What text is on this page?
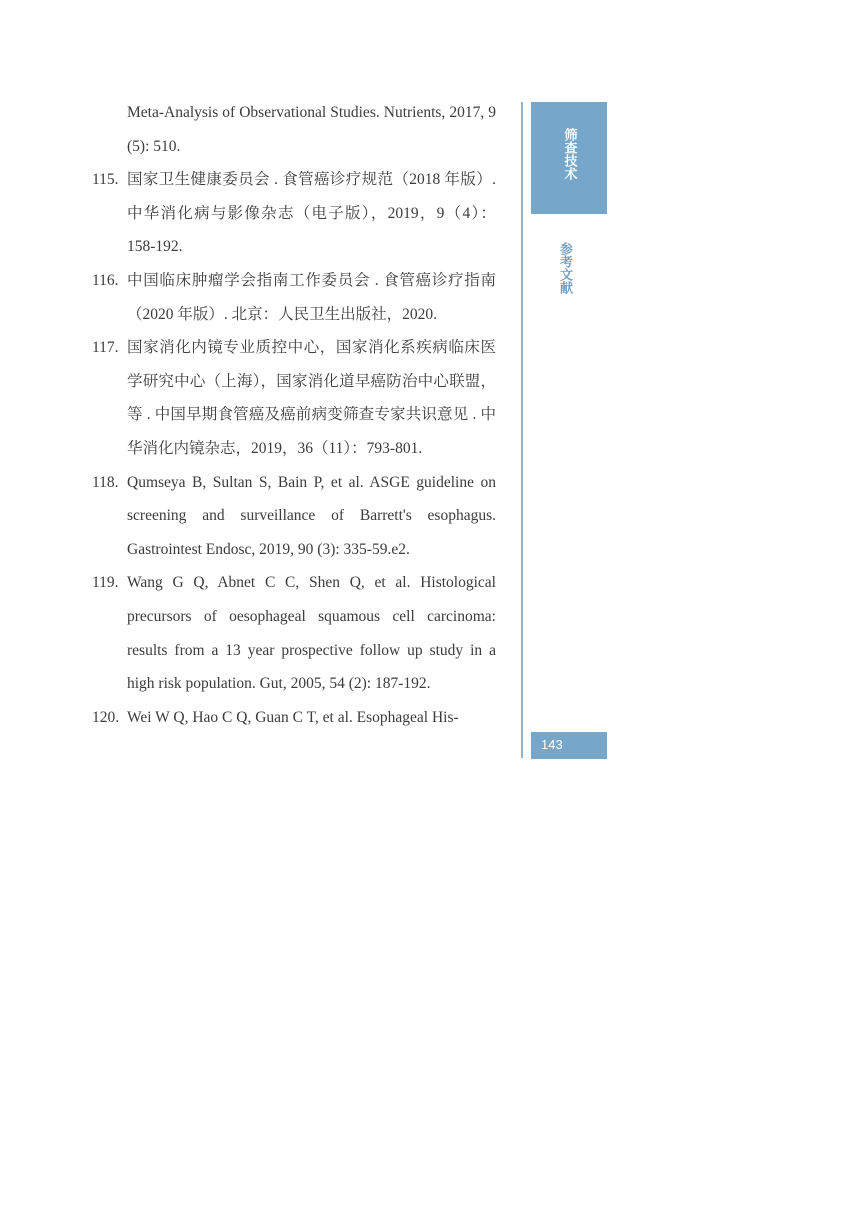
Meta-Analysis of Observational Studies. Nutrients, 2017, 9 (5): 510.
115. 国家卫生健康委员会 . 食管癌诊疗规范（2018 年版）. 中华消化病与影像杂志（电子版），2019，9（4）：158-192.
116. 中国临床肿瘤学会指南工作委员会 . 食管癌诊疗指南（2020 年版）. 北京：人民卫生出版社，2020.
117. 国家消化内镜专业质控中心，国家消化系疾病临床医学研究中心（上海），国家消化道早癌防治中心联盟，等 . 中国早期食管癌及癌前病变筛查专家共识意见 . 中华消化内镜杂志，2019，36（11）：793-801.
118. Qumseya B, Sultan S, Bain P, et al. ASGE guideline on screening and surveillance of Barrett's esophagus. Gastrointest Endosc, 2019, 90 (3): 335-59.e2.
119. Wang G Q, Abnet C C, Shen Q, et al. Histological precursors of oesophageal squamous cell carcinoma: results from a 13 year prospective follow up study in a high risk population. Gut, 2005, 54 (2): 187-192.
120. Wei W Q, Hao C Q, Guan C T, et al. Esophageal His-
筛查技术
参考文献
143
